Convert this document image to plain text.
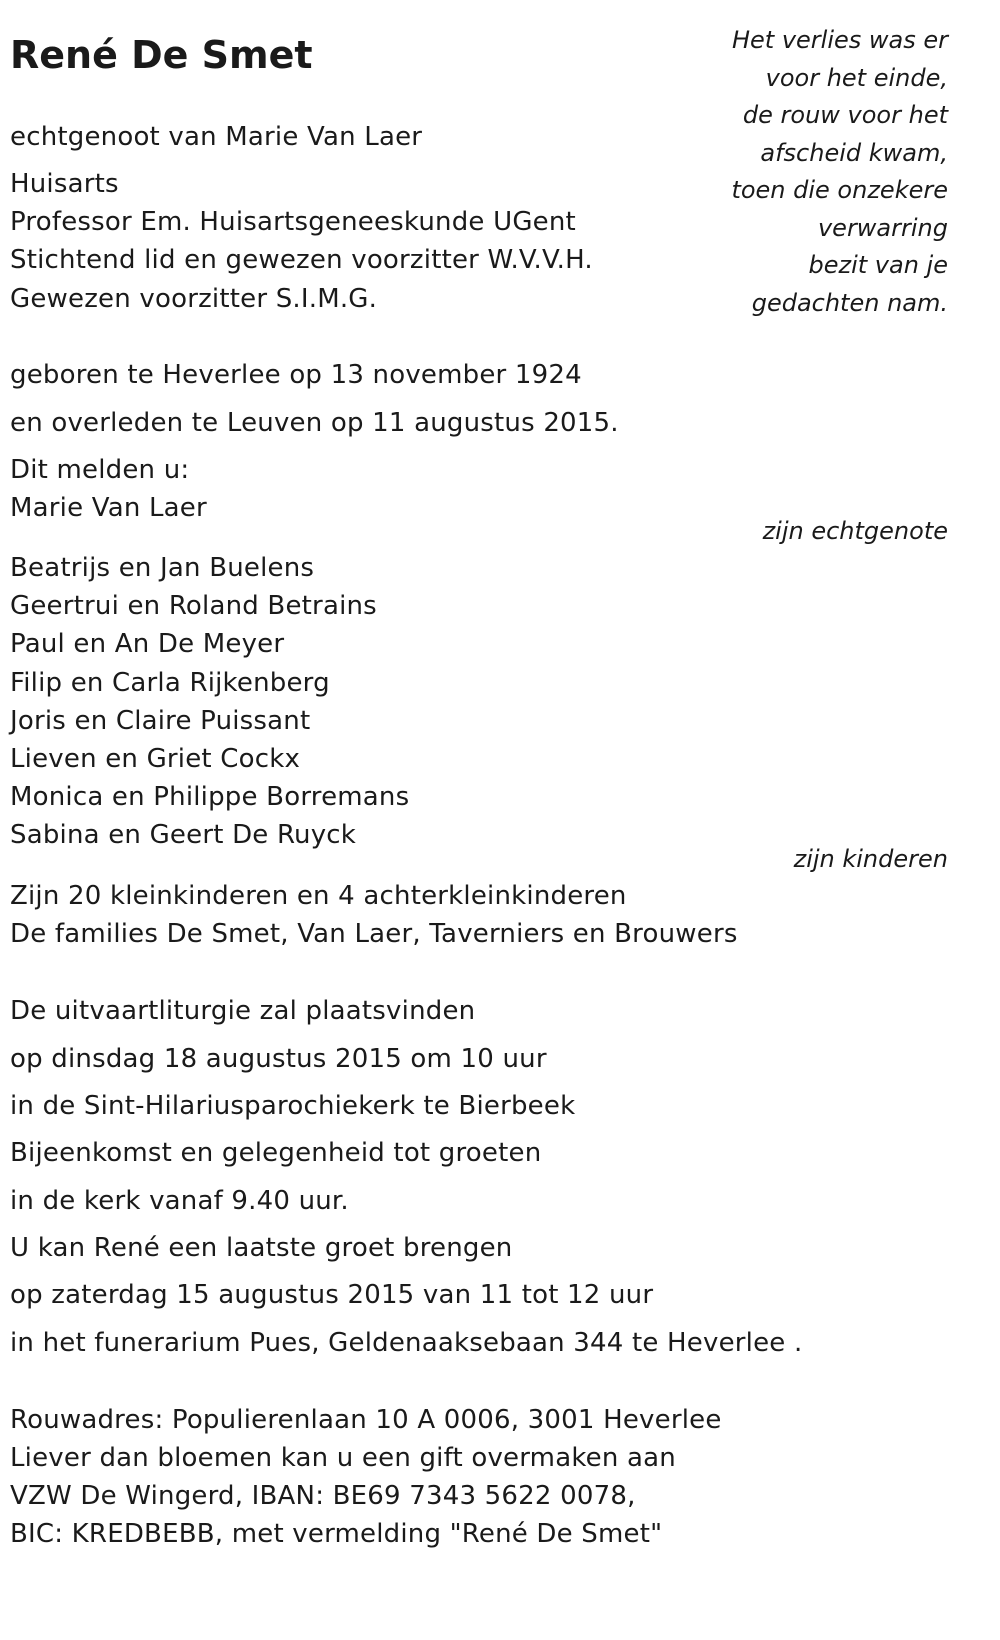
René De Smet	Het verlies was er
voor het einde,
de rouw voor het
afscheid kwam,
toen die onzekere
verwarring
bezit van je
gedachten nam.
echtgenoot van Marie Van Laer
Huisarts
Professor Em. Huisartsgeneeskunde UGent
Stichtend lid en gewezen voorzitter W.V.V.H.
Gewezen voorzitter S.I.M.G.
geboren te Heverlee op 13 november 1924
en overleden te Leuven op 11 augustus 2015.
Dit melden u:
Marie Van Laer
zijn echtgenote
Beatrijs en Jan Buelens
Geertrui en Roland Betrains
Paul en An De Meyer
Filip en Carla Rijkenberg
Joris en Claire Puissant
Lieven en Griet Cockx
Monica en Philippe Borremans
Sabina en Geert De Ruyck
zijn kinderen
Zijn 20 kleinkinderen en 4 achterkleinkinderen
De families De Smet, Van Laer, Taverniers en Brouwers
De uitvaartliturgie zal plaatsvinden
op dinsdag 18 augustus 2015 om 10 uur
in de Sint-Hilariusparochiekerk te Bierbeek
Bijeenkomst en gelegenheid tot groeten
in de kerk vanaf 9.40 uur.
U kan René een laatste groet brengen
op zaterdag 15 augustus 2015 van 11 tot 12 uur
in het funerarium Pues, Geldenaaksebaan 344 te Heverlee .
Rouwadres: Populierenlaan 10 A 0006, 3001 Heverlee
Liever dan bloemen kan u een gift overmaken aan
VZW De Wingerd, IBAN: BE69 7343 5622 0078,
BIC: KREDBEBB, met vermelding "René De Smet"
